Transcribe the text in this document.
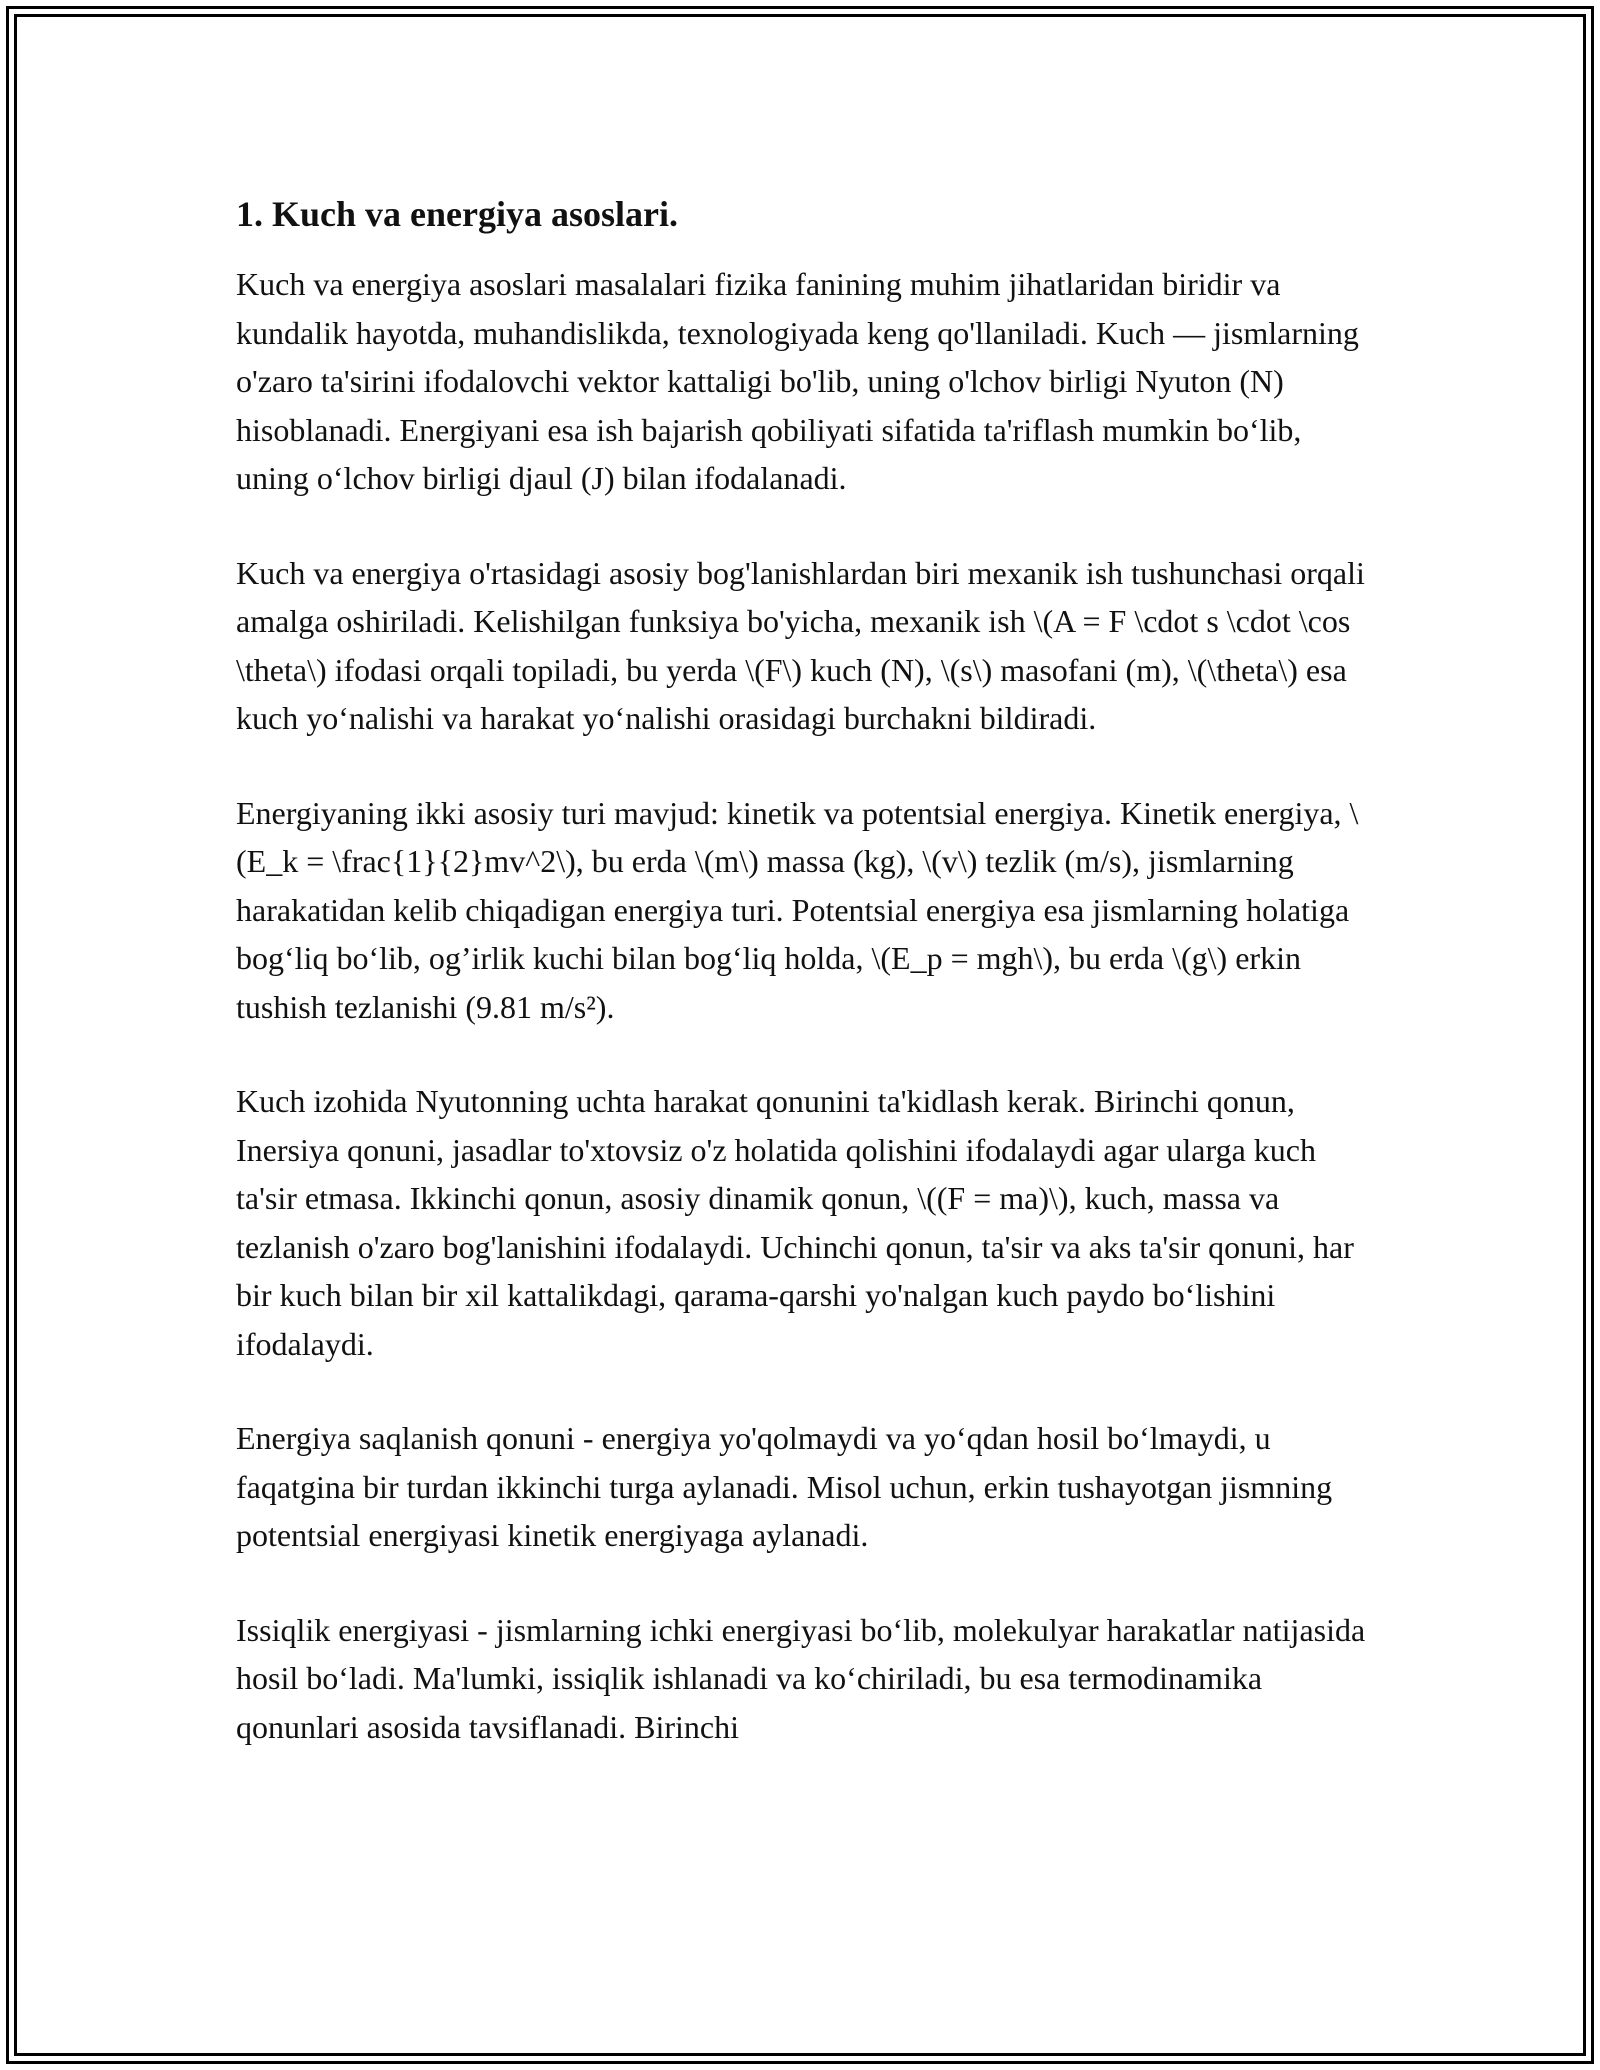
1. Kuch va energiya asoslari.

Kuch va energiya asoslari masalalari fizika fanining muhim jihatlaridan biridir va kundalik hayotda, muhandislikda, texnologiyada keng qo'llaniladi. Kuch — jismlarning o'zaro ta'sirini ifodalovchi vektor kattaligi bo'lib, uning o'lchov birligi Nyuton (N) hisoblanadi. Energiyani esa ish bajarish qobiliyati sifatida ta'riflash mumkin bo‘lib, uning o‘lchov birligi djaul (J) bilan ifodalanadi.

Kuch va energiya o'rtasidagi asosiy bog'lanishlardan biri mexanik ish tushunchasi orqali amalga oshiriladi. Kelishilgan funksiya bo'yicha, mexanik ish \(A = F \cdot s \cdot \cos \theta\) ifodasi orqali topiladi, bu yerda \(F\) kuch (N), \(s\) masofani (m), \(\theta\) esa kuch yo‘nalishi va harakat yo‘nalishi orasidagi burchakni bildiradi.

Energiyaning ikki asosiy turi mavjud: kinetik va potentsial energiya. Kinetik energiya, \(E_k = \frac{1}{2}mv^2\), bu erda \(m\) massa (kg), \(v\) tezlik (m/s), jismlarning harakatidan kelib chiqadigan energiya turi. Potentsial energiya esa jismlarning holatiga bog‘liq bo‘lib, og’irlik kuchi bilan bog‘liq holda, \(E_p = mgh\), bu erda \(g\) erkin tushish tezlanishi (9.81 m/s²).

Kuch izohida Nyutonning uchta harakat qonunini ta'kidlash kerak. Birinchi qonun, Inersiya qonuni, jasadlar to'xtovsiz o'z holatida qolishini ifodalaydi agar ularga kuch ta'sir etmasa. Ikkinchi qonun, asosiy dinamik qonun, \((F = ma)\), kuch, massa va tezlanish o'zaro bog'lanishini ifodalaydi. Uchinchi qonun, ta'sir va aks ta'sir qonuni, har bir kuch bilan bir xil kattalikdagi, qarama-qarshi yo'nalgan kuch paydo bo‘lishini ifodalaydi.

Energiya saqlanish qonuni - energiya yo'qolmaydi va yo‘qdan hosil bo‘lmaydi, u faqatgina bir turdan ikkinchi turga aylanadi. Misol uchun, erkin tushayotgan jismning potentsial energiyasi kinetik energiyaga aylanadi.

Issiqlik energiyasi - jismlarning ichki energiyasi bo‘lib, molekulyar harakatlar natijasida hosil bo‘ladi. Ma'lumki, issiqlik ishlanadi va ko‘chiriladi, bu esa termodinamika qonunlari asosida tavsiflanadi. Birinchi
